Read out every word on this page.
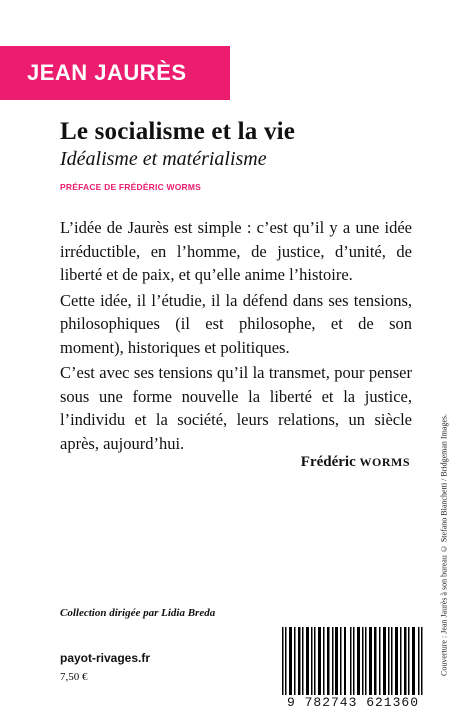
JEAN JAURÈS
Le socialisme et la vie
Idéalisme et matérialisme
PRÉFACE DE FRÉDÉRIC WORMS

L’idée de Jaurès est simple : c’est qu’il y a une idée irréductible, en l’homme, de justice, d’unité, de liberté et de paix, et qu’elle anime l’histoire.

Cette idée, il l’étudie, il la défend dans ses tensions, philosophiques (il est philosophe, et de son moment), historiques et politiques.

C’est avec ses tensions qu’il la transmet, pour penser sous une forme nouvelle la liberté et la justice, l’individu et la société, leurs relations, un siècle après, aujourd’hui.

Frédéric WORMS	Couverture : Jean Jaurès à son bureau © Stefano Bianchetti / Bridgeman Images.
Collection dirigée par Lidia Breda
payot-rivages.fr
7,50 €
9 782743 621360
